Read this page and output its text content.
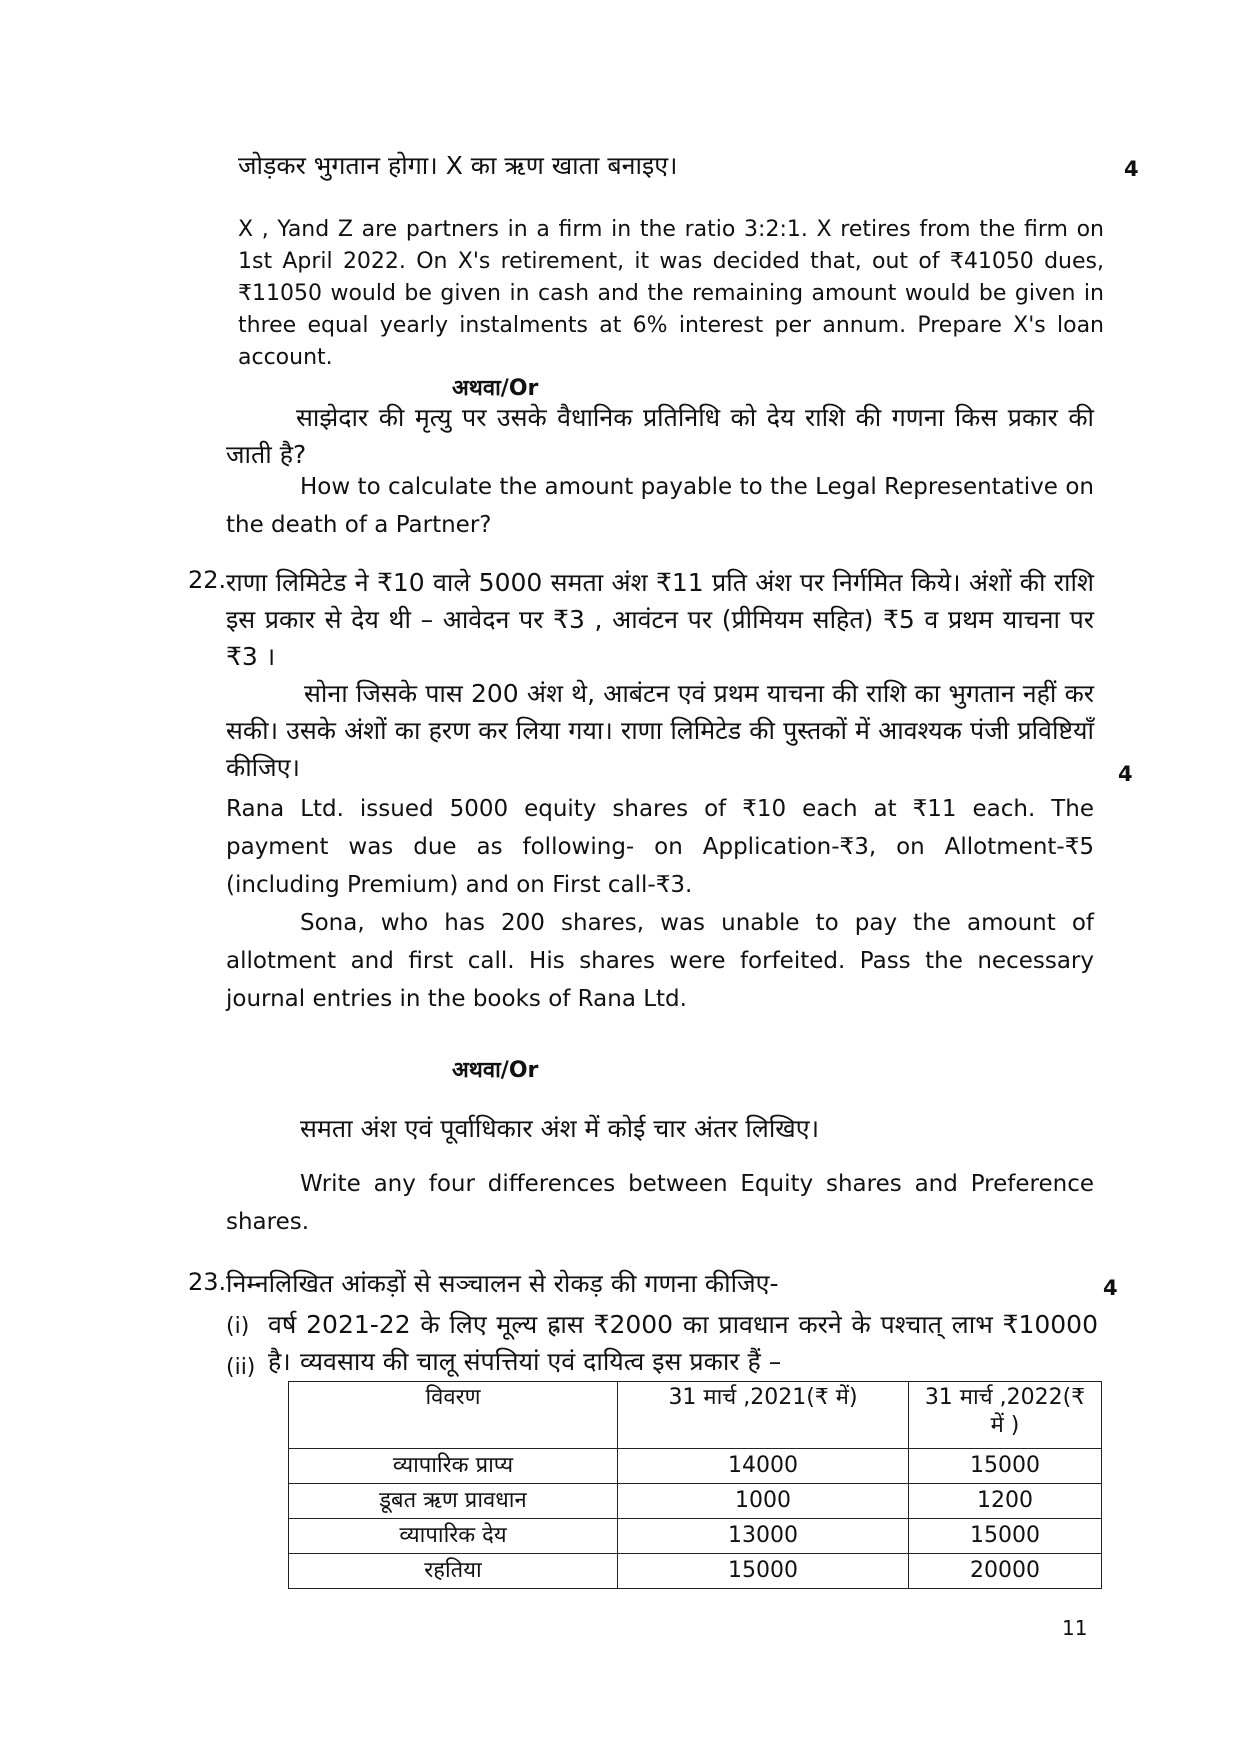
जोड़कर भुगतान होगा। X का ऋण खाता बनाइए।	4
X , Yand Z are partners in a firm in the ratio 3:2:1. X retires from the firm on 1st April 2022. On X's retirement, it was decided that, out of ₹41050 dues, ₹11050 would be given in cash and the remaining amount would be given in three equal yearly instalments at 6% interest per annum. Prepare X's loan account.
अथवा/Or
साझेदार की मृत्यु पर उसके वैधानिक प्रतिनिधि को देय राशि की गणना किस प्रकार की जाती है?
How to calculate the amount payable to the Legal Representative on the death of a Partner?
22. राणा लिमिटेड ने ₹10 वाले 5000 समता अंश ₹11 प्रति अंश पर निर्गमित किये। अंशों की राशि इस प्रकार से देय थी – आवेदन पर ₹3 , आवंटन पर (प्रीमियम सहित) ₹5 व प्रथम याचना पर ₹3 ।
सोना जिसके पास 200 अंश थे, आबंटन एवं प्रथम याचना की राशि का भुगतान नहीं कर सकी। उसके अंशों का हरण कर लिया गया। राणा लिमिटेड की पुस्तकों में आवश्यक पंजी प्रविष्टियाँ कीजिए।	4
Rana Ltd. issued 5000 equity shares of ₹10 each at ₹11 each. The payment was due as following- on Application-₹3, on Allotment-₹5 (including Premium) and on First call-₹3.
Sona, who has 200 shares, was unable to pay the amount of allotment and first call. His shares were forfeited. Pass the necessary journal entries in the books of Rana Ltd.
अथवा/Or
समता अंश एवं पूर्वाधिकार अंश में कोई चार अंतर लिखिए।
Write any four differences between Equity shares and Preference shares.
23. निम्नलिखित आंकड़ों से सञ्चालन से रोकड़ की गणना कीजिए-	4
(i) वर्ष 2021-22 के लिए मूल्य ह्रास ₹2000 का प्रावधान करने के पश्चात् लाभ ₹10000 है।
(ii) व्यवसाय की चालू संपत्तियां एवं दायित्व इस प्रकार हैं –
विवरण	31 मार्च ,2021(₹ में)	31 मार्च ,2022(₹ में )
व्यापारिक प्राप्य	14000	15000
डूबत ऋण प्रावधान	1000	1200
व्यापारिक देय	13000	15000
रहतिया	15000	20000
11
